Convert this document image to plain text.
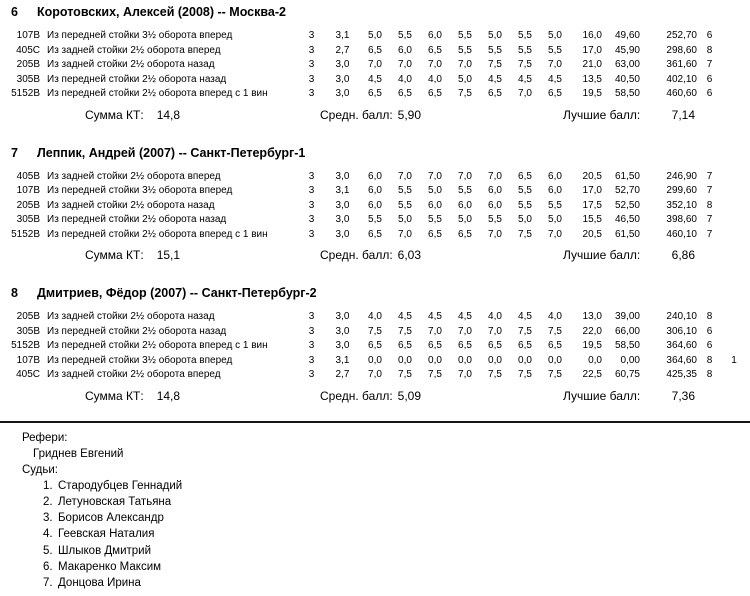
6	Коротовских, Алексей (2008) -- Москва-2
107B Из передней стойки 3½ оборота вперед	3	3,1	5,0	5,5	6,0	5,5	5,0	5,5	5,0	16,0	49,60	252,70 6
405C Из задней стойки 2½ оборота вперед	3	2,7	6,5	6,0	6,5	5,5	5,5	5,5	5,5	17,0	45,90	298,60 8
205B Из задней стойки 2½ оборота назад	3	3,0	7,0	7,0	7,0	7,0	7,5	7,5	7,0	21,0	63,00	361,60 7
305B Из передней стойки 2½ оборота назад	3	3,0	4,5	4,0	4,0	5,0	4,5	4,5	4,5	13,5	40,50	402,10 6
5152B Из передней стойки 2½ оборота вперед с 1 вин	3	3,0	6,5	6,5	6,5	7,5	6,5	7,0	6,5	19,5	58,50	460,60 6
Сумма КТ: 14,8	Средн. балл: 5,90	Лучшие балл:	7,14
7	Леппик, Андрей (2007) -- Санкт-Петербург-1
405B Из задней стойки 2½ оборота вперед	3	3,0	6,0	7,0	7,0	7,0	7,0	6,5	6,0	20,5	61,50	246,90 7
107B Из передней стойки 3½ оборота вперед	3	3,1	6,0	5,5	5,0	5,5	6,0	5,5	6,0	17,0	52,70	299,60 7
205B Из задней стойки 2½ оборота назад	3	3,0	6,0	5,5	6,0	6,0	6,0	5,5	5,5	17,5	52,50	352,10 8
305B Из передней стойки 2½ оборота назад	3	3,0	5,5	5,0	5,5	5,0	5,5	5,0	5,0	15,5	46,50	398,60 7
5152B Из передней стойки 2½ оборота вперед с 1 вин	3	3,0	6,5	7,0	6,5	6,5	7,0	7,5	7,0	20,5	61,50	460,10 7
Сумма КТ: 15,1	Средн. балл: 6,03	Лучшие балл:	6,86
8	Дмитриев, Фёдор (2007) -- Санкт-Петербург-2
205B Из задней стойки 2½ оборота назад	3	3,0	4,0	4,5	4,5	4,5	4,0	4,5	4,0	13,0	39,00	240,10 8
305B Из передней стойки 2½ оборота назад	3	3,0	7,5	7,5	7,0	7,0	7,0	7,5	7,5	22,0	66,00	306,10 6
5152B Из передней стойки 2½ оборота вперед с 1 вин	3	3,0	6,5	6,5	6,5	6,5	6,5	6,5	6,5	19,5	58,50	364,60 6
107B Из передней стойки 3½ оборота вперед	3	3,1	0,0	0,0	0,0	0,0	0,0	0,0	0,0	0,0	0,00	364,60 8	1
405C Из задней стойки 2½ оборота вперед	3	2,7	7,0	7,5	7,5	7,0	7,5	7,5	7,5	22,5	60,75	425,35 8
Сумма КТ: 14,8	Средн. балл: 5,09	Лучшие балл:	7,36
Рефери:
Гриднев Евгений
Судьи:
1. Стародубцев Геннадий
2. Летуновская Татьяна
3. Борисов Александр
4. Геевская Наталия
5. Шлыков Дмитрий
6. Макаренко Максим
7. Донцова Ирина
